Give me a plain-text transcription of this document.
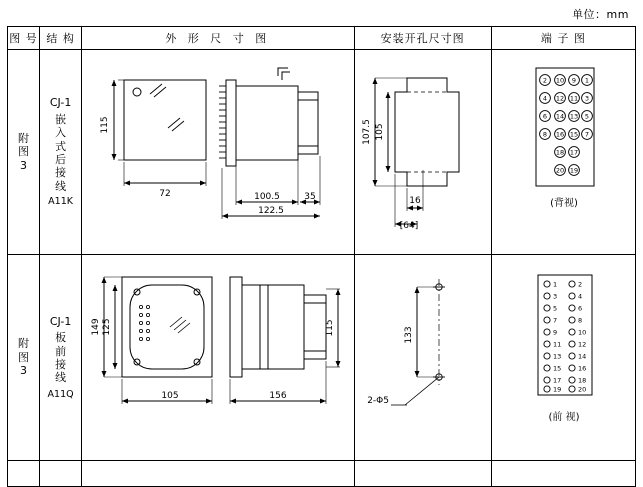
单位：mm
图 号	结 构	外 形 尺 寸 图	安装开孔尺寸图	端 子 图

附
图
3

CJ-1
嵌
入
式
后
接
线
A11K

115
72	100.5	35
122.5

107.5 105
16
[64]

2 10 9 1
4 12 11 3
6 14 13 5
8 16 15 7
18 17
20 19
(背视)

附
图
3

CJ-1
板
前
接
线
A11Q

149 125
105
115
156

133
2-Φ5

1	2
3	4
5	6
7	8
9	10
11	12
13	14
15	16
17	18
19	20
(前 视)
